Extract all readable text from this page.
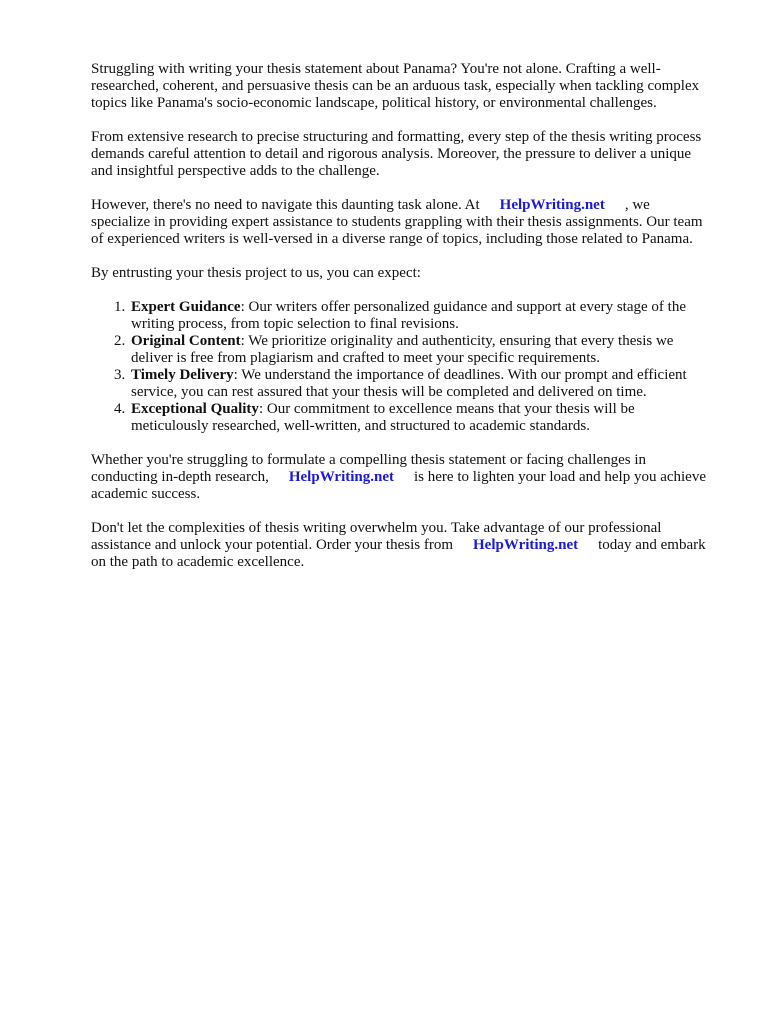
Struggling with writing your thesis statement about Panama? You're not alone. Crafting a well-researched, coherent, and persuasive thesis can be an arduous task, especially when tackling complex topics like Panama's socio-economic landscape, political history, or environmental challenges.

From extensive research to precise structuring and formatting, every step of the thesis writing process demands careful attention to detail and rigorous analysis. Moreover, the pressure to deliver a unique and insightful perspective adds to the challenge.

However, there's no need to navigate this daunting task alone. At HelpWriting.net , we specialize in providing expert assistance to students grappling with their thesis assignments. Our team of experienced writers is well-versed in a diverse range of topics, including those related to Panama.

By entrusting your thesis project to us, you can expect:

1. Expert Guidance: Our writers offer personalized guidance and support at every stage of the writing process, from topic selection to final revisions.
2. Original Content: We prioritize originality and authenticity, ensuring that every thesis we deliver is free from plagiarism and crafted to meet your specific requirements.
3. Timely Delivery: We understand the importance of deadlines. With our prompt and efficient service, you can rest assured that your thesis will be completed and delivered on time.
4. Exceptional Quality: Our commitment to excellence means that your thesis will be meticulously researched, well-written, and structured to academic standards.

Whether you're struggling to formulate a compelling thesis statement or facing challenges in conducting in-depth research, HelpWriting.net is here to lighten your load and help you achieve academic success.

Don't let the complexities of thesis writing overwhelm you. Take advantage of our professional assistance and unlock your potential. Order your thesis from HelpWriting.net today and embark on the path to academic excellence.
